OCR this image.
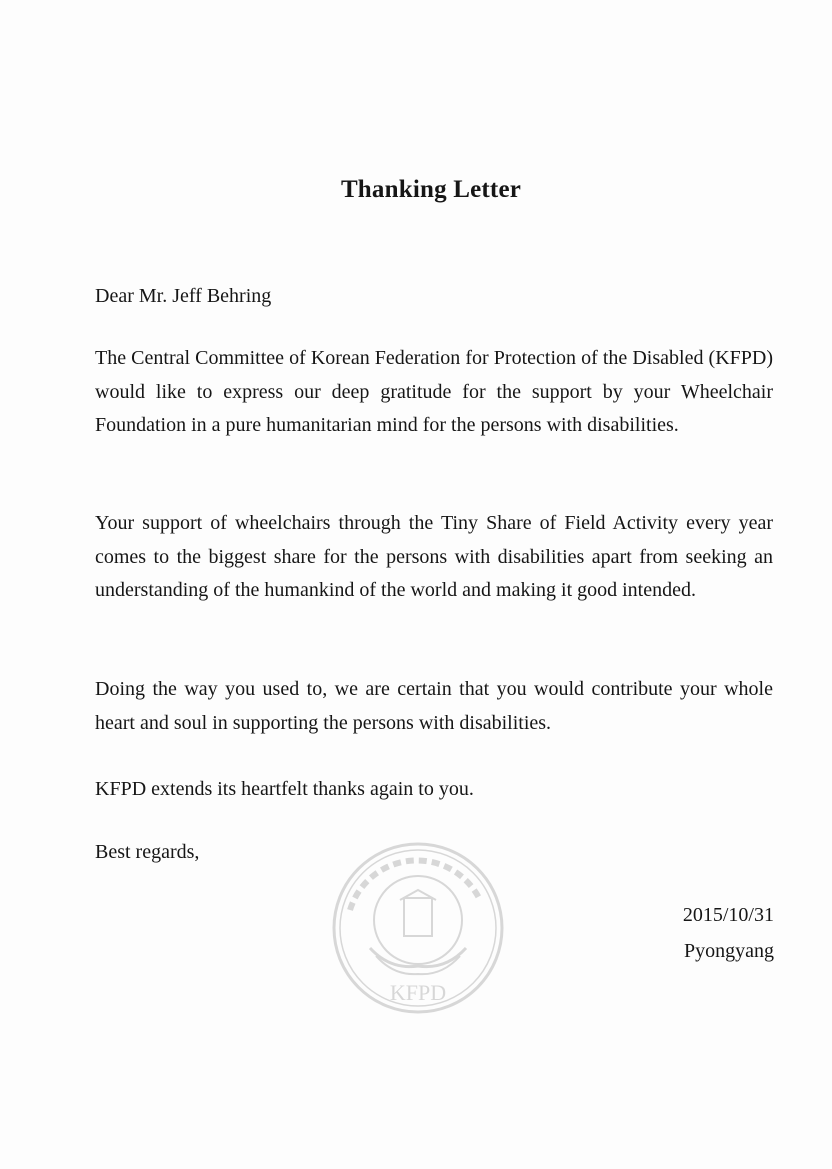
Thanking Letter
Dear Mr. Jeff Behring

The Central Committee of Korean Federation for Protection of the Disabled (KFPD) would like to express our deep gratitude for the support by your Wheelchair Foundation in a pure humanitarian mind for the persons with disabilities.

Your support of wheelchairs through the Tiny Share of Field Activity every year comes to the biggest share for the persons with disabilities apart from seeking an understanding of the humankind of the world and making it good intended.

Doing the way you used to, we are certain that you would contribute your whole heart and soul in supporting the persons with disabilities.

KFPD extends its heartfelt thanks again to you.

Best regards,
KFPD
2015/10/31
Pyongyang
